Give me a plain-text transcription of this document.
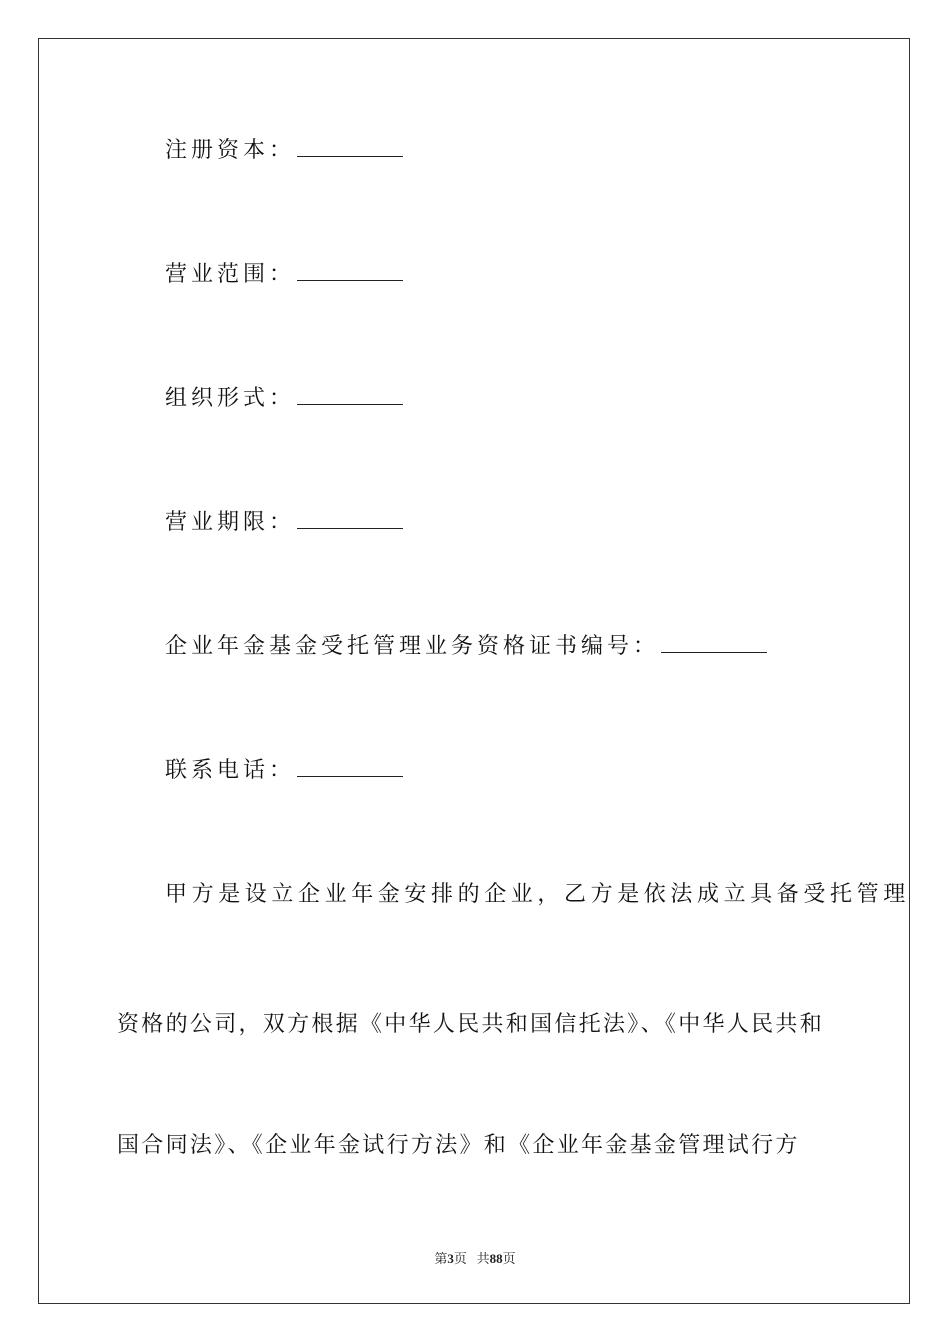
注册资本：
营业范围：
组织形式：
营业期限：
企业年金基金受托管理业务资格证书编号：
联系电话：
甲方是设立企业年金安排的企业，乙方是依法成立具备受托管理
资格的公司，双方根据《中华人民共和国信托法》、《中华人民共和
国合同法》、《企业年金试行方法》和《企业年金基金管理试行方
第3页 共88页
